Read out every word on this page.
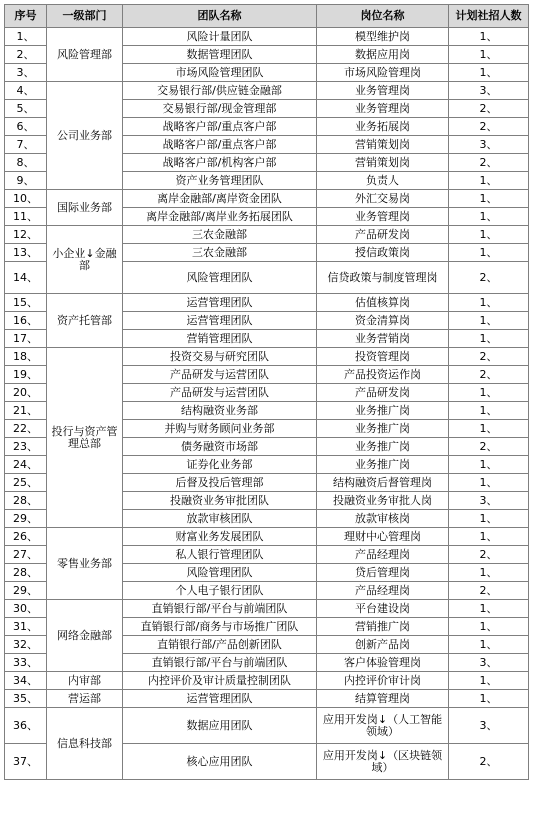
序号	一级部门	团队名称	岗位名称	计划社招人数
1、	风险管理部	风险计量团队	模型维护岗	1、
2、		数据管理团队	数据应用岗	1、
3、		市场风险管理团队	市场风险管理岗	1、
4、	公司业务部	交易银行部/供应链金融部	业务管理岗	3、
5、		交易银行部/现金管理部	业务管理岗	2、
6、		战略客户部/重点客户部	业务拓展岗	2、
7、		战略客户部/重点客户部	营销策划岗	3、
8、		战略客户部/机构客户部	营销策划岗	2、
9、		资产业务管理团队	负责人	1、
10、	国际业务部	离岸金融部/离岸资金团队	外汇交易岗	1、
11、		离岸金融部/离岸业务拓展团队	业务管理岗	1、
12、	小企业↓金融部	三农金融部	产品研发岗	1、
13、		三农金融部	授信政策岗	1、
14、		风险管理团队	信贷政策与制度管理岗	2、
15、	资产托管部	运营管理团队	估值核算岗	1、
16、		运营管理团队	资金清算岗	1、
17、		营销管理团队	业务营销岗	1、
18、	投行与资产管理总部	投资交易与研究团队	投资管理岗	2、
19、		产品研发与运营团队	产品投资运作岗	2、
20、		产品研发与运营团队	产品研发岗	1、
21、		结构融资业务部	业务推广岗	1、
22、		并购与财务顾问业务部	业务推广岗	1、
23、		债务融资市场部	业务推广岗	2、
24、		证券化业务部	业务推广岗	1、
25、		后督及投后管理部	结构融资后督管理岗	1、
28、		投融资业务审批团队	投融资业务审批人岗	3、
29、		放款审核团队	放款审核岗	1、
26、	零售业务部	财富业务发展团队	理财中心管理岗	1、
27、		私人银行管理团队	产品经理岗	2、
28、		风险管理团队	贷后管理岗	1、
29、		个人电子银行团队	产品经理岗	2、
30、	网络金融部	直销银行部/平台与前端团队	平台建设岗	1、
31、		直销银行部/商务与市场推广团队	营销推广岗	1、
32、		直销银行部/产品创新团队	创新产品岗	1、
33、		直销银行部/平台与前端团队	客户体验管理岗	3、
34、	内审部	内控评价及审计质量控制团队	内控评价审计岗	1、
35、	营运部	运营管理团队	结算管理岗	1、
36、	信息科技部	数据应用团队	应用开发岗↓（人工智能领域）	3、
37、		核心应用团队	应用开发岗↓（区块链领域）	2、
